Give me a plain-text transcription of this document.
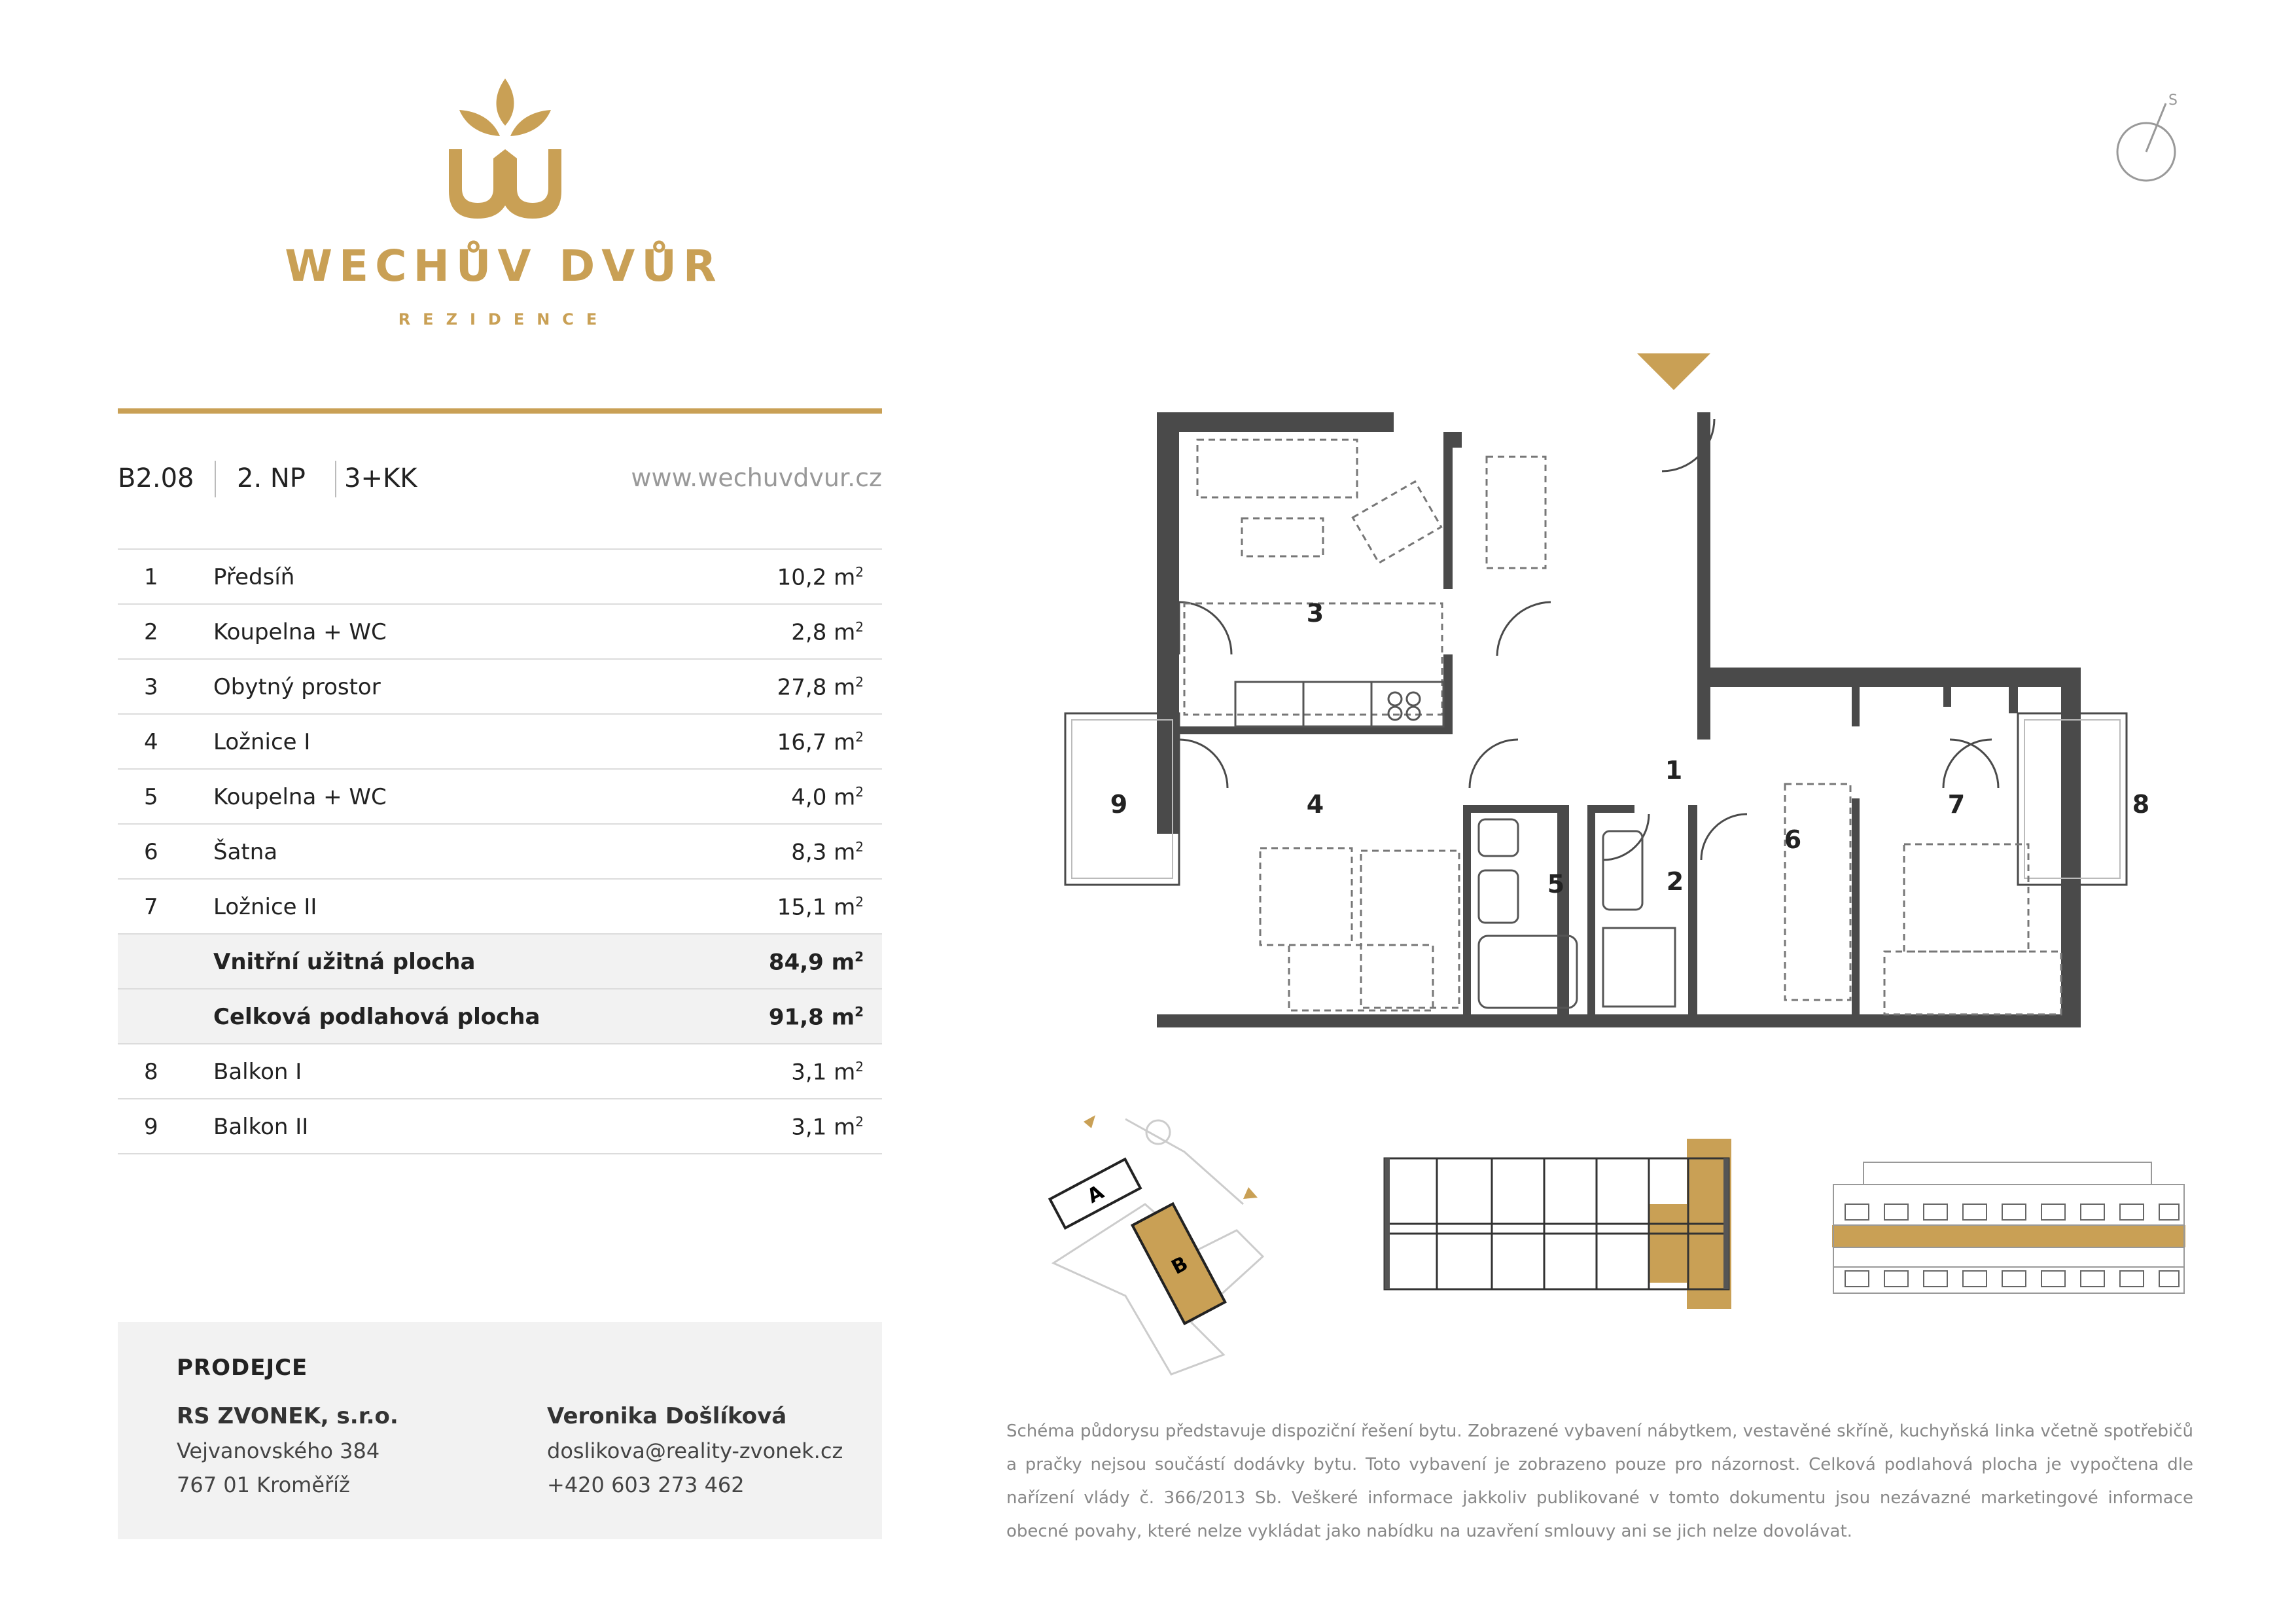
WECHŮV DVŮR
REZIDENCE
B2.08 2. NP 3+KK	www.wechuvdvur.cz
1 Předsíň	10,2 $m^2$
2 Koupelna + WC	2,8 $m^2$
3 Obytný prostor	27,8 $m^2$
4 Ložnice I	16,7 $m^2$
5 Koupelna + WC	4,0 $m^2$
6 Šatna	8,3 $m^2$
7 Ložnice II	15,1 $m^2$
Vnitřní užitná plocha	84,9 $m^2$
Celková podlahová plocha	91,8 $m^2$
8 Balkon I	3,1 $m^2$
9 Balkon II	3,1 $m^2$
PRODEJCE
RS ZVONEK, s.r.o.
Vejvanovského 384
767 01 Kroměříž
Veronika Došlíková
doslikova@reality-zvonek.cz
+420 603 273 462
S
1
2
3
4
5
6
7	8
9
A
B
Schéma půdorysu představuje dispoziční řešení bytu. Zobrazené vybavení nábytkem, vestavěné skříně, kuchyňská linka včetně spotřebičů a pračky nejsou součástí dodávky bytu. Toto vybavení je zobrazeno pouze pro názornost. Celková podlahová plocha je vypočtena dle nařízení vlády č. 366/2013 Sb. Veškeré informace jakkoliv publikované v tomto dokumentu jsou nezávazné marketingové informace obecné povahy, které nelze vykládat jako nabídku na uzavření smlouvy ani se jich nelze dovolávat.
